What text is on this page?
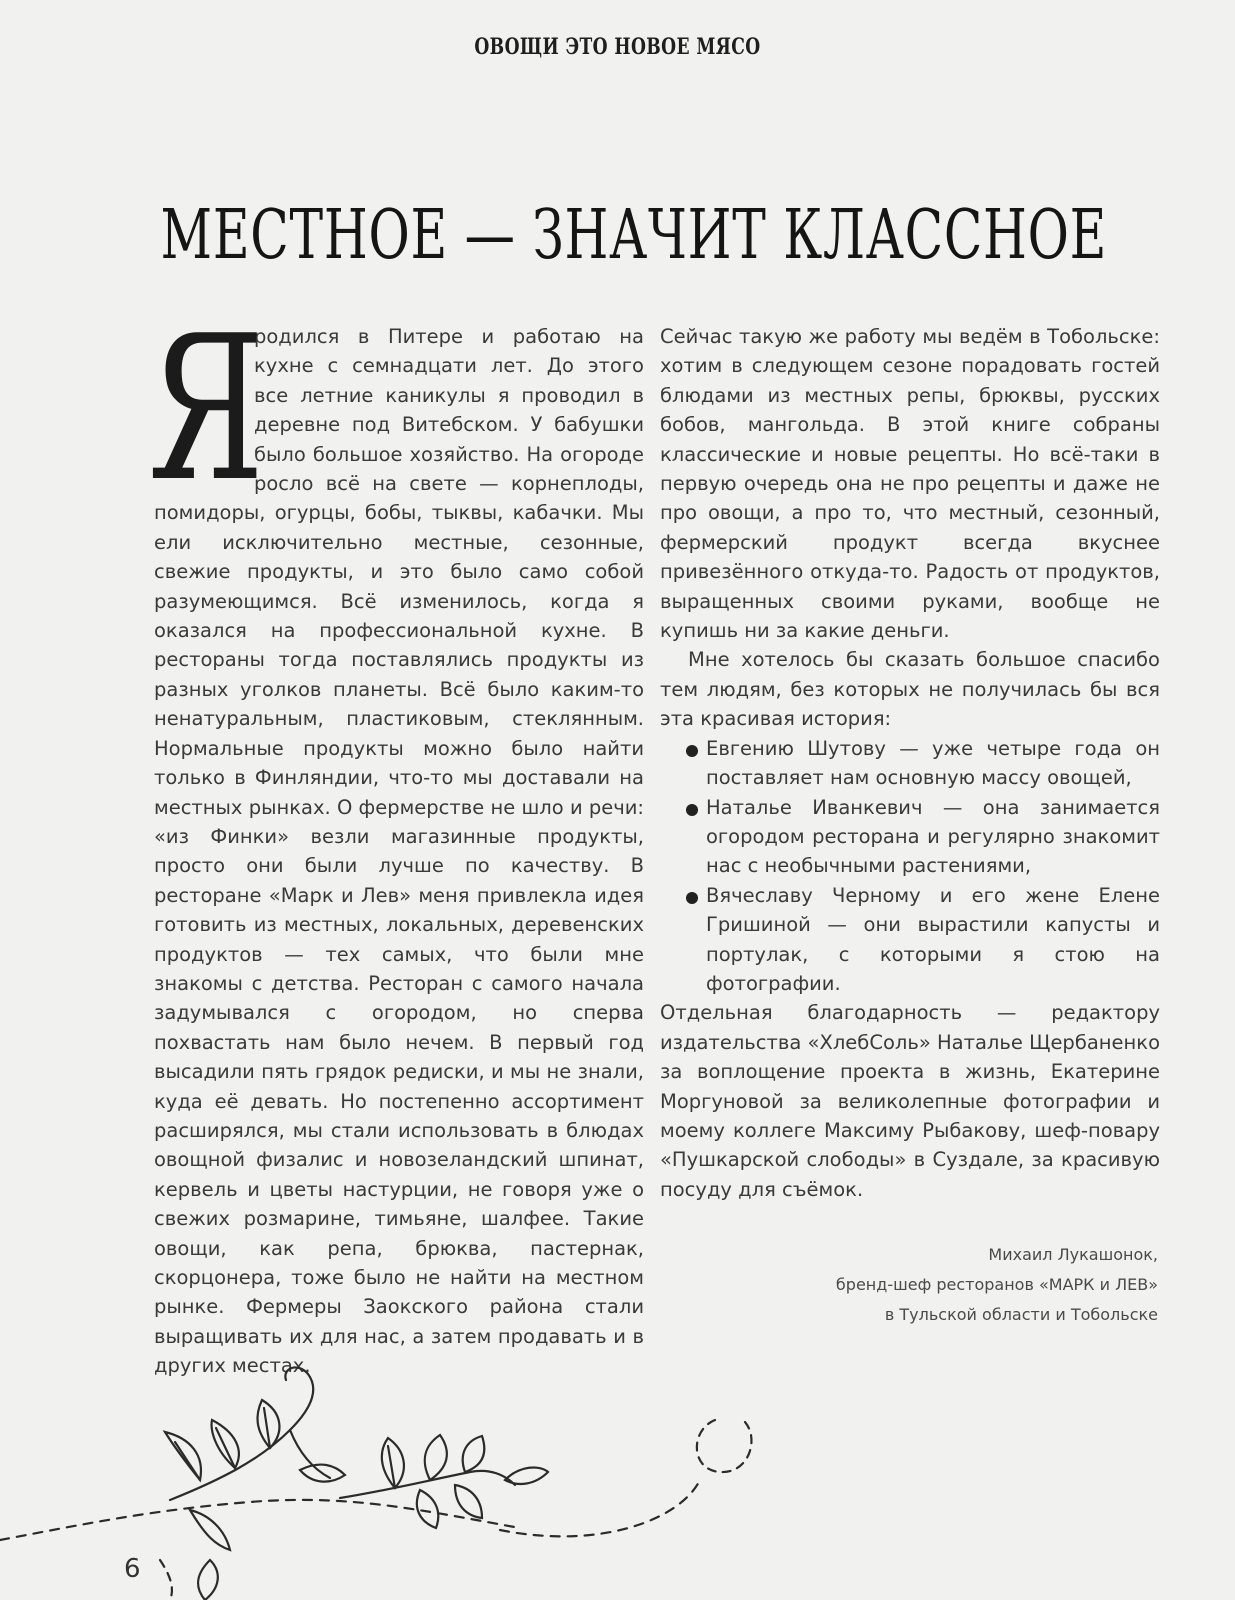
ОВОЩИ ЭТО НОВОЕ МЯСО
МЕСТНОЕ — ЗНАЧИТ КЛАССНОЕ
Я

родился в Питере и работаю на кухне с семнадцати лет. До этого все летние каникулы я проводил в деревне под Витебском. У бабушки было большое хозяйство. На огороде росло всё на свете — корнеплоды, помидоры, огурцы, бобы, тыквы, кабачки. Мы ели исключительно местные, сезонные, свежие продукты, и это было само собой разумеющимся. Всё изменилось, когда я оказался на профессиональной кухне. В рестораны тогда поставлялись продукты из разных уголков планеты. Всё было каким-то ненатуральным, пластиковым, стеклянным. Нормальные продукты можно было найти только в Финляндии, что-то мы доставали на местных рынках. О фермерстве не шло и речи: «из Финки» везли магазинные продукты, просто они были лучше по качеству. В ресторане «Марк и Лев» меня привлекла идея готовить из местных, локальных, деревенских продуктов — тех самых, что были мне знакомы с детства. Ресторан с самого начала задумывался с огородом, но сперва похвастать нам было нечем. В первый год высадили пять грядок редиски, и мы не знали, куда её девать. Но постепенно ассортимент расширялся, мы стали использовать в блюдах овощной физалис и новозеландский шпинат, кервель и цветы настурции, не говоря уже о свежих розмарине, тимьяне, шалфее. Такие овощи, как репа, брюква, пастернак, скорцонера, тоже было не найти на местном рынке. Фермеры Заокского района стали выращивать их для нас, а затем продавать и в других местах.

Сейчас такую же работу мы ведём в Тобольске: хотим в следующем сезоне порадовать гостей блюдами из местных репы, брюквы, русских бобов, мангольда. В этой книге собраны классические и новые рецепты. Но всё-таки в первую очередь она не про рецепты и даже не про овощи, а про то, что местный, сезонный, фермерский продукт всегда вкуснее привезённого откуда-то. Радость от продуктов, выращенных своими руками, вообще не купишь ни за какие деньги.

Мне хотелось бы сказать большое спасибо тем людям, без которых не получилась бы вся эта красивая история:

Евгению Шутову — уже четыре года он поставляет нам основную массу овощей,
Наталье Иванкевич — она занимается огородом ресторана и регулярно знакомит нас с необычными растениями,
Вячеславу Черному и его жене Елене Гришиной — они вырастили капусты и портулак, с которыми я стою на фотографии.

Отдельная благодарность — редактору издательства «ХлебСоль» Наталье Щербаненко за воплощение проекта в жизнь, Екатерине Моргуновой за великолепные фотографии и моему коллеге Максиму Рыбакову, шеф-повару «Пушкарской слободы» в Суздале, за красивую посуду для съёмок.

Михаил Лукашонок,
бренд-шеф ресторанов «МАРК и ЛЕВ»
в Тульской области и Тобольске
6
